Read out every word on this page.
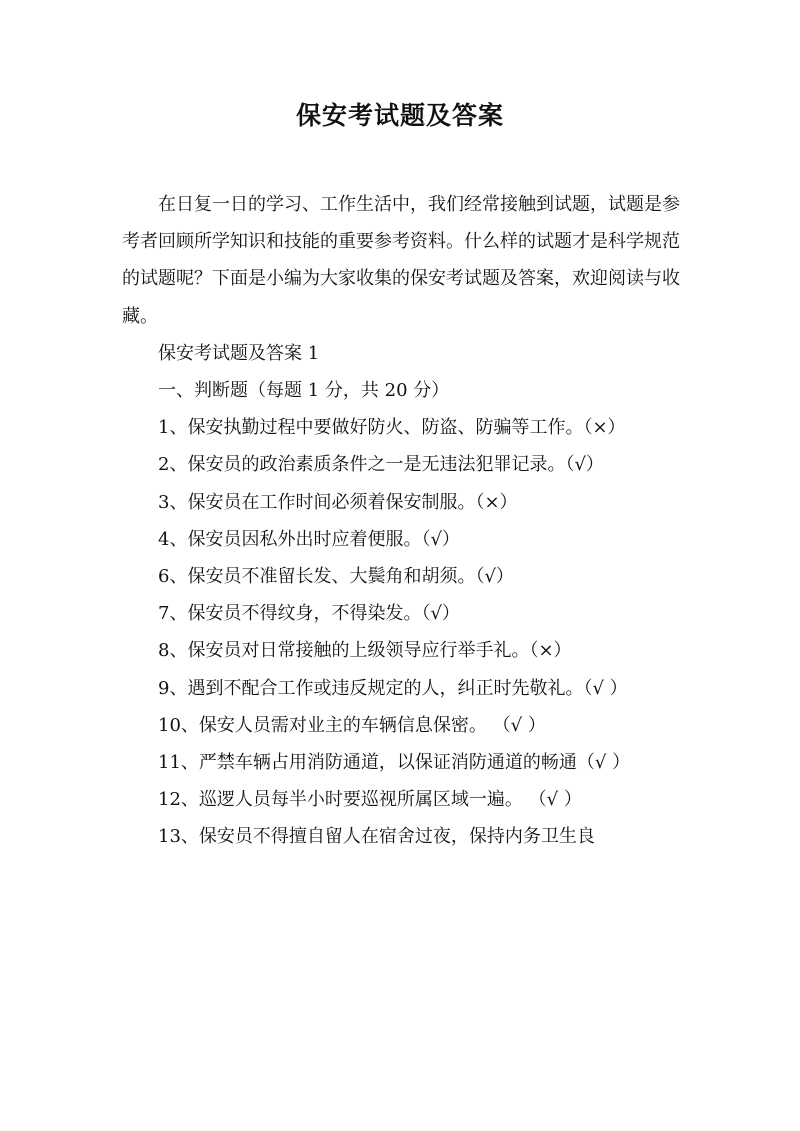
保安考试题及答案

在日复一日的学习、工作生活中，我们经常接触到试题，试题是参考者回顾所学知识和技能的重要参考资料。什么样的试题才是科学规范的试题呢？下面是小编为大家收集的保安考试题及答案，欢迎阅读与收藏。

保安考试题及答案 1

一、判断题（每题 1 分，共 20 分）

1、保安执勤过程中要做好防火、防盗、防骗等工作。（×）

2、保安员的政治素质条件之一是无违法犯罪记录。（√）

3、保安员在工作时间必须着保安制服。（×）

4、保安员因私外出时应着便服。（√）

6、保安员不准留长发、大鬓角和胡须。（√）

7、保安员不得纹身，不得染发。（√）

8、保安员对日常接触的上级领导应行举手礼。（×）

9、遇到不配合工作或违反规定的人，纠正时先敬礼。（√ ）

10、保安人员需对业主的车辆信息保密。 （√ ）

11、严禁车辆占用消防通道，以保证消防通道的畅通（√ ）

12、巡逻人员每半小时要巡视所属区域一遍。 （√ ）

13、保安员不得擅自留人在宿舍过夜，保持内务卫生良
